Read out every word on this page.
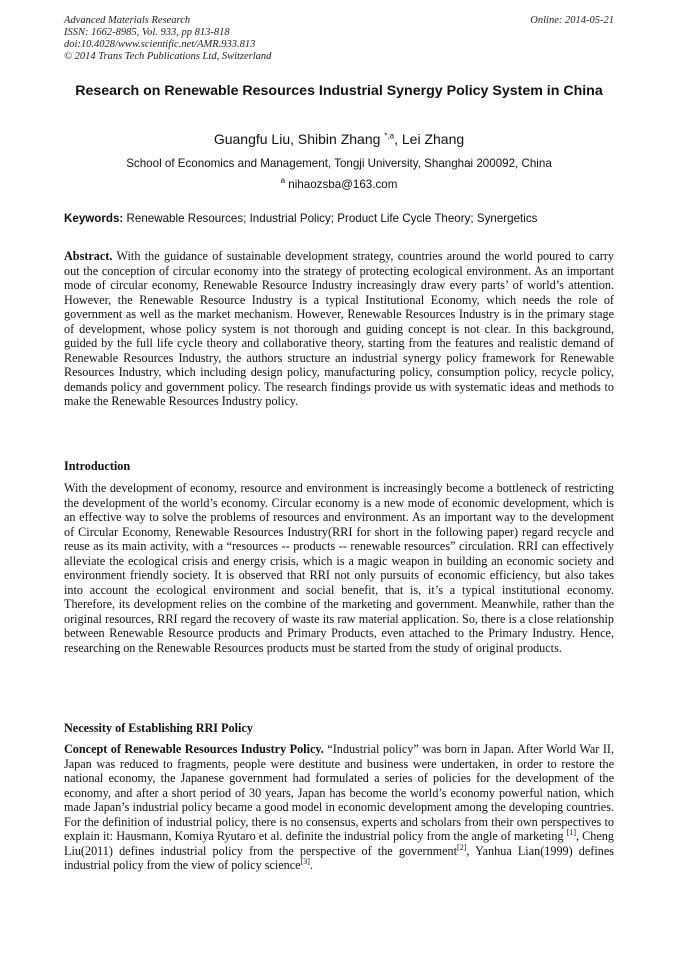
Advanced Materials Research
ISSN: 1662-8985, Vol. 933, pp 813-818
doi:10.4028/www.scientific.net/AMR.933.813
© 2014 Trans Tech Publications Ltd, Switzerland
Online: 2014-05-21
Research on Renewable Resources Industrial Synergy Policy System in China
Guangfu Liu, Shibin Zhang $^{*,a}$, Lei Zhang
School of Economics and Management, Tongji University, Shanghai 200092, China
$^a$ nihaozsba@163.com
Keywords: Renewable Resources; Industrial Policy; Product Life Cycle Theory; Synergetics
Abstract. With the guidance of sustainable development strategy, countries around the world poured to carry out the conception of circular economy into the strategy of protecting ecological environment. As an important mode of circular economy, Renewable Resource Industry increasingly draw every parts’ of world’s attention. However, the Renewable Resource Industry is a typical Institutional Economy, which needs the role of government as well as the market mechanism. However, Renewable Resources Industry is in the primary stage of development, whose policy system is not thorough and guiding concept is not clear. In this background, guided by the full life cycle theory and collaborative theory, starting from the features and realistic demand of Renewable Resources Industry, the authors structure an industrial synergy policy framework for Renewable Resources Industry, which including design policy, manufacturing policy, consumption policy, recycle policy, demands policy and government policy. The research findings provide us with systematic ideas and methods to make the Renewable Resources Industry policy.
Introduction
With the development of economy, resource and environment is increasingly become a bottleneck of restricting the development of the world’s economy. Circular economy is a new mode of economic development, which is an effective way to solve the problems of resources and environment. As an important way to the development of Circular Economy, Renewable Resources Industry(RRI for short in the following paper) regard recycle and reuse as its main activity, with a “resources -- products -- renewable resources” circulation. RRI can effectively alleviate the ecological crisis and energy crisis, which is a magic weapon in building an economic society and environment friendly society. It is observed that RRI not only pursuits of economic efficiency, but also takes into account the ecological environment and social benefit, that is, it’s a typical institutional economy. Therefore, its development relies on the combine of the marketing and government. Meanwhile, rather than the original resources, RRI regard the recovery of waste its raw material application. So, there is a close relationship between Renewable Resource products and Primary Products, even attached to the Primary Industry. Hence, researching on the Renewable Resources products must be started from the study of original products.
Necessity of Establishing RRI Policy
Concept of Renewable Resources Industry Policy. “Industrial policy” was born in Japan. After World War II, Japan was reduced to fragments, people were destitute and business were undertaken, in order to restore the national economy, the Japanese government had formulated a series of policies for the development of the economy, and after a short period of 30 years, Japan has become the world’s economy powerful nation, which made Japan’s industrial policy became a good model in economic development among the developing countries. For the definition of industrial policy, there is no consensus, experts and scholars from their own perspectives to explain it: Hausmann, Komiya Ryutaro et al. definite the industrial policy from the angle of marketing [1], Cheng Liu(2011) defines industrial policy from the perspective of the government[2], Yanhua Lian(1999) defines industrial policy from the view of policy science[3].
